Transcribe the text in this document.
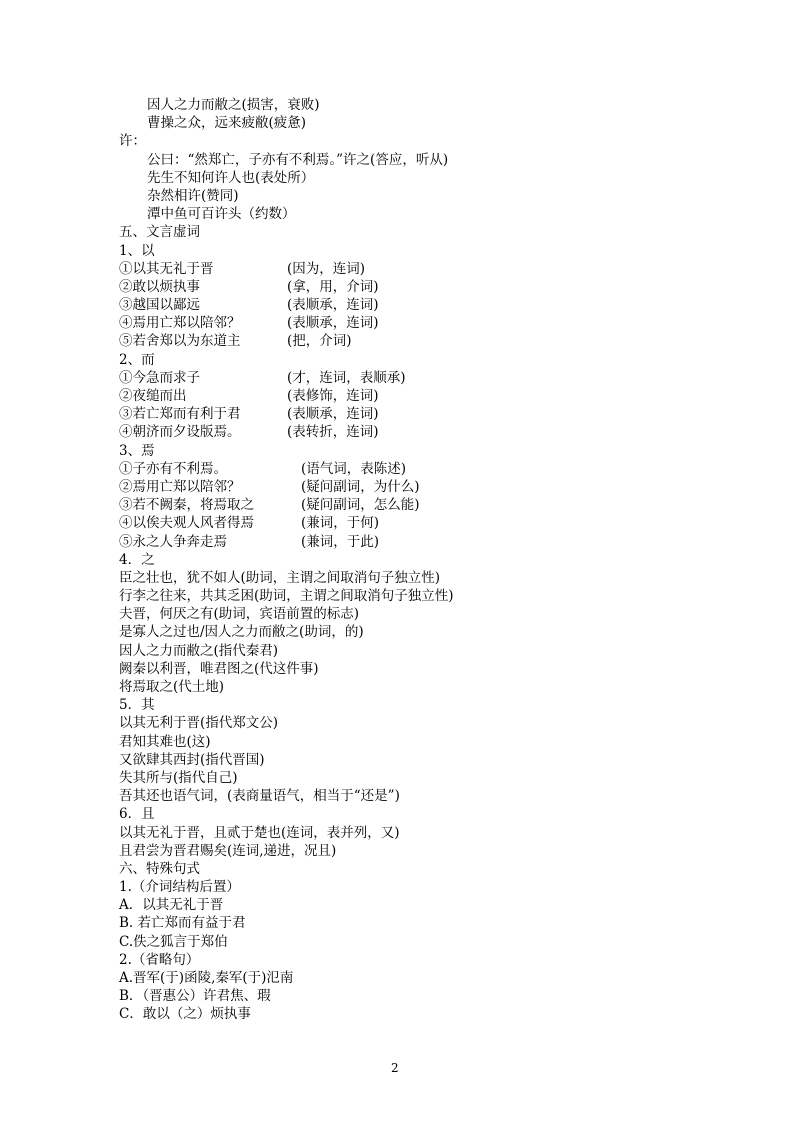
因人之力而敝之(损害，衰败)
曹操之众，远来疲敝(疲惫)
许：
公曰：“然郑亡，子亦有不利焉。”许之(答应，听从)
先生不知何许人也(表处所）
杂然相许(赞同)
潭中鱼可百许头（约数）
五、文言虚词
1、以
①以其无礼于晋	(因为，连词)
②敢以烦执事	(拿，用，介词)
③越国以鄙远	(表顺承，连词)
④焉用亡郑以陪邻？	(表顺承，连词)
⑤若舍郑以为东道主	(把，介词)
2、而
①今急而求子	(才，连词，表顺承)
②夜缒而出	(表修饰，连词)
③若亡郑而有利于君	(表顺承，连词)
④朝济而夕设版焉。	(表转折，连词)
3、焉
①子亦有不利焉。	(语气词，表陈述)
②焉用亡郑以陪邻？	(疑问副词，为什么)
③若不阙秦，将焉取之	(疑问副词，怎么能)
④以俟夫观人风者得焉	(兼词，于何)
⑤永之人争奔走焉	(兼词，于此)
4．之
臣之壮也，犹不如人(助词，主谓之间取消句子独立性)
行李之往来，共其乏困(助词，主谓之间取消句子独立性)
夫晋，何厌之有(助词，宾语前置的标志)
是寡人之过也/因人之力而敝之(助词，的)
因人之力而敝之(指代秦君)
阙秦以利晋，唯君图之(代这件事)
将焉取之(代土地)
5．其
以其无利于晋(指代郑文公)
君知其难也(这)
又欲肆其西封(指代晋国)
失其所与(指代自己)
吾其还也语气词，(表商量语气，相当于“还是”)
6．且
以其无礼于晋，且贰于楚也(连词，表并列，又)
且君尝为晋君赐矣(连词,递进，况且)
六、特殊句式
1.（介词结构后置）
A．以其无礼于晋
B. 若亡郑而有益于君
C.佚之狐言于郑伯
2.（省略句）
A.晋军(于)函陵,秦军(于)氾南
B．（晋惠公）许君焦、瑕
C．敢以（之）烦执事
2
